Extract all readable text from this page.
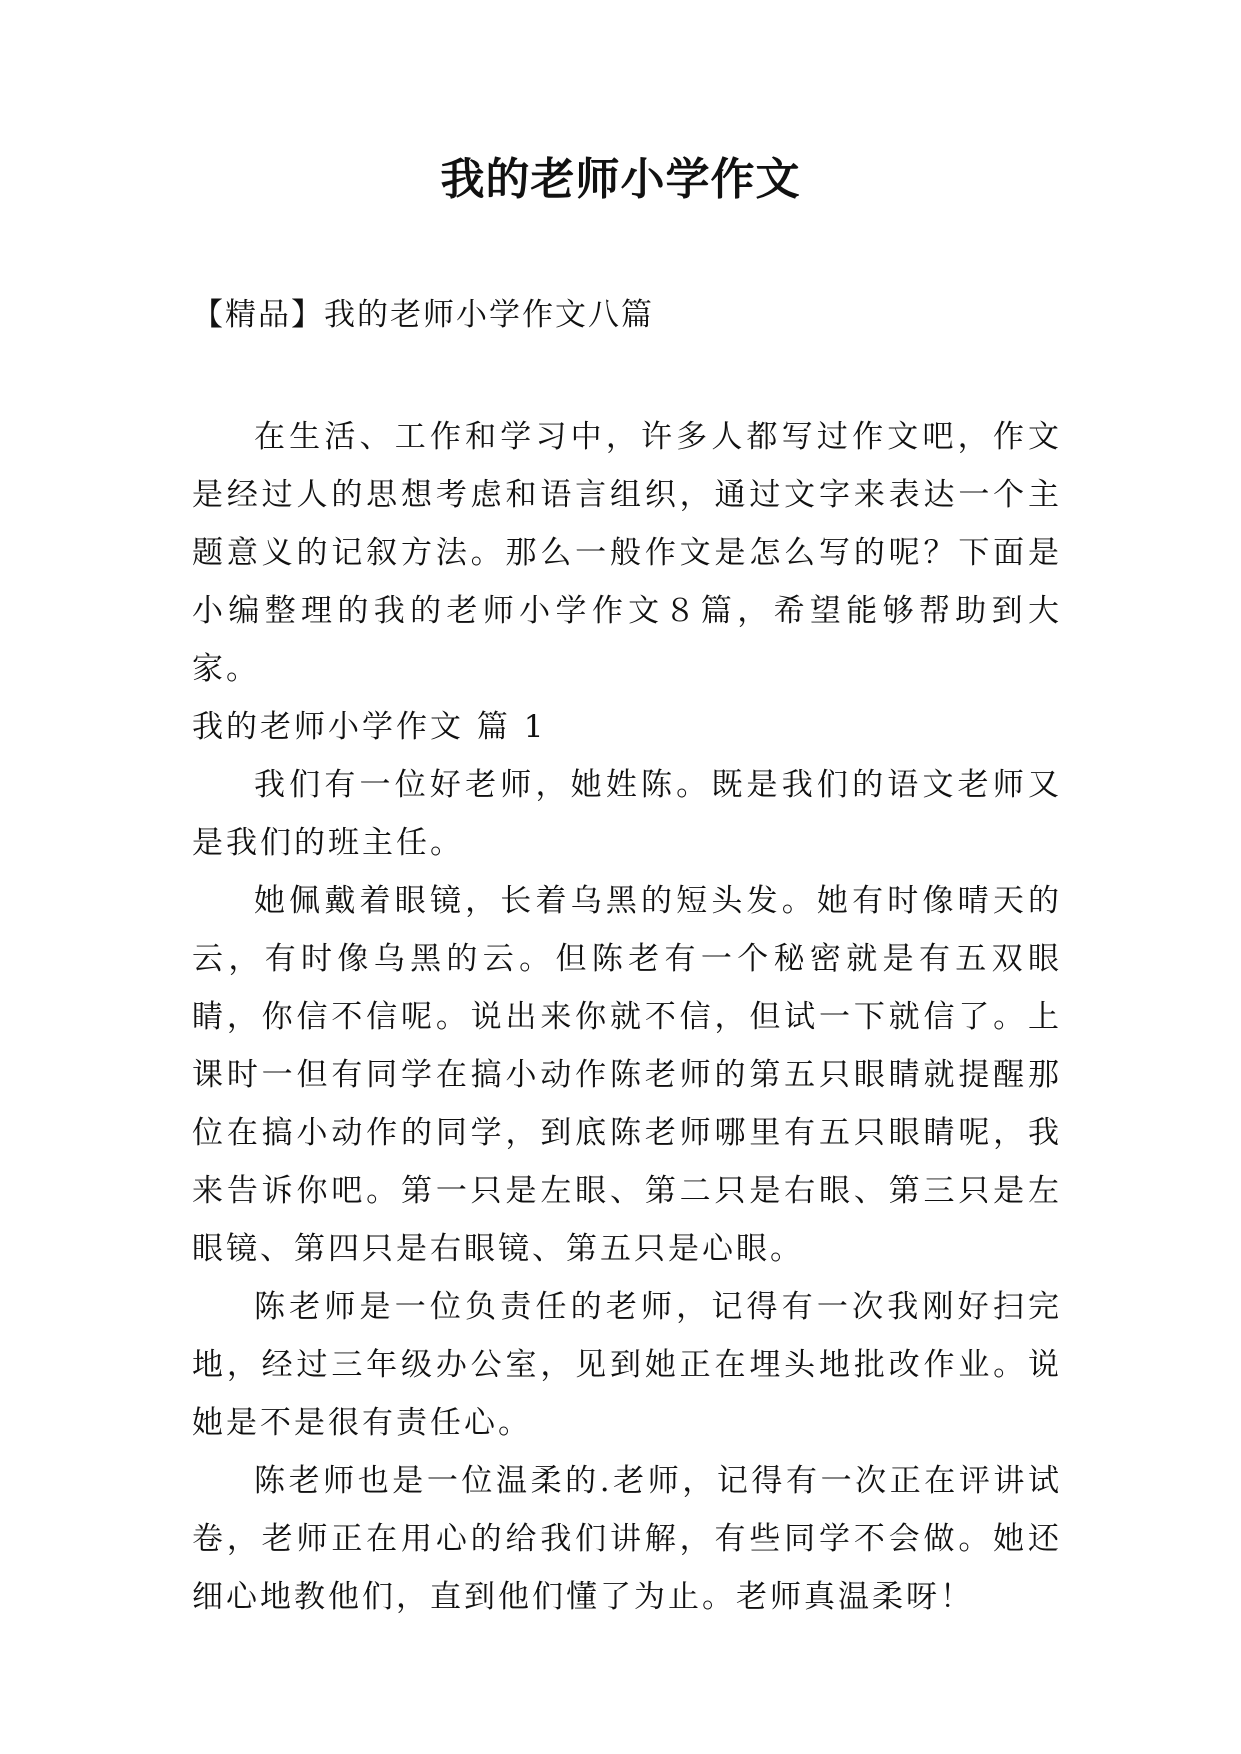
我的老师小学作文
【精品】我的老师小学作文八篇

在生活、工作和学习中，许多人都写过作文吧，作文是经过人的思想考虑和语言组织，通过文字来表达一个主题意义的记叙方法。那么一般作文是怎么写的呢？下面是小编整理的我的老师小学作文８篇，希望能够帮助到大家。

我的老师小学作文 篇 1

我们有一位好老师，她姓陈。既是我们的语文老师又是我们的班主任。

她佩戴着眼镜，长着乌黑的短头发。她有时像晴天的云，有时像乌黑的云。但陈老有一个秘密就是有五双眼睛，你信不信呢。说出来你就不信，但试一下就信了。上课时一但有同学在搞小动作陈老师的第五只眼睛就提醒那位在搞小动作的同学，到底陈老师哪里有五只眼睛呢，我来告诉你吧。第一只是左眼、第二只是右眼、第三只是左眼镜、第四只是右眼镜、第五只是心眼。

陈老师是一位负责任的老师，记得有一次我刚好扫完地，经过三年级办公室，见到她正在埋头地批改作业。说她是不是很有责任心。

陈老师也是一位温柔的.老师，记得有一次正在评讲试卷，老师正在用心的给我们讲解，有些同学不会做。她还细心地教他们，直到他们懂了为止。老师真温柔呀！
